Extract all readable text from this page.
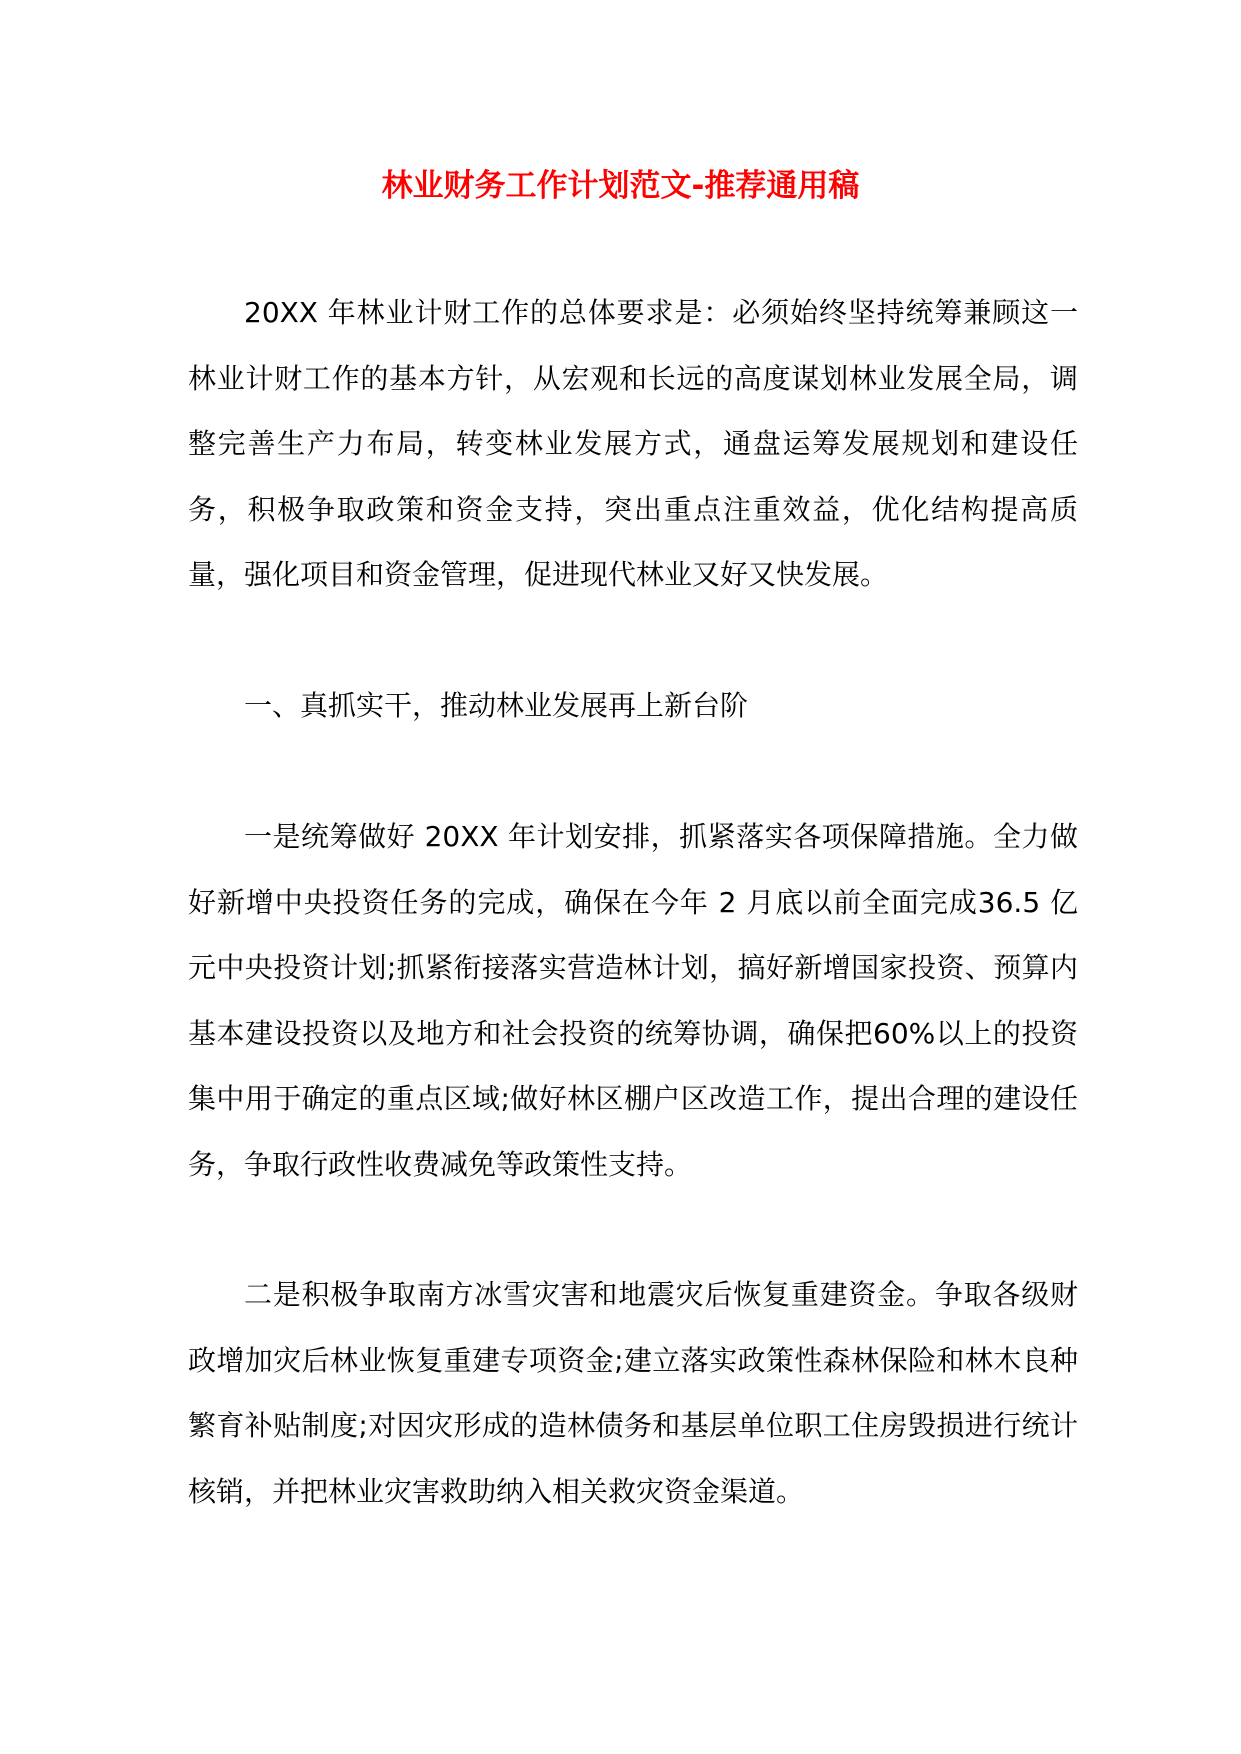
林业财务工作计划范文-推荐通用稿

20XX 年林业计财工作的总体要求是：必须始终坚持统筹兼顾这一林业计财工作的基本方针，从宏观和长远的高度谋划林业发展全局，调整完善生产力布局，转变林业发展方式，通盘运筹发展规划和建设任务，积极争取政策和资金支持，突出重点注重效益，优化结构提高质量，强化项目和资金管理，促进现代林业又好又快发展。

一、真抓实干，推动林业发展再上新台阶

一是统筹做好 20XX 年计划安排，抓紧落实各项保障措施。全力做好新增中央投资任务的完成，确保在今年 2 月底以前全面完成36.5 亿元中央投资计划;抓紧衔接落实营造林计划，搞好新增国家投资、预算内基本建设投资以及地方和社会投资的统筹协调，确保把60%以上的投资集中用于确定的重点区域;做好林区棚户区改造工作，提出合理的建设任务，争取行政性收费减免等政策性支持。

二是积极争取南方冰雪灾害和地震灾后恢复重建资金。争取各级财政增加灾后林业恢复重建专项资金;建立落实政策性森林保险和林木良种繁育补贴制度;对因灾形成的造林债务和基层单位职工住房毁损进行统计核销，并把林业灾害救助纳入相关救灾资金渠道。
